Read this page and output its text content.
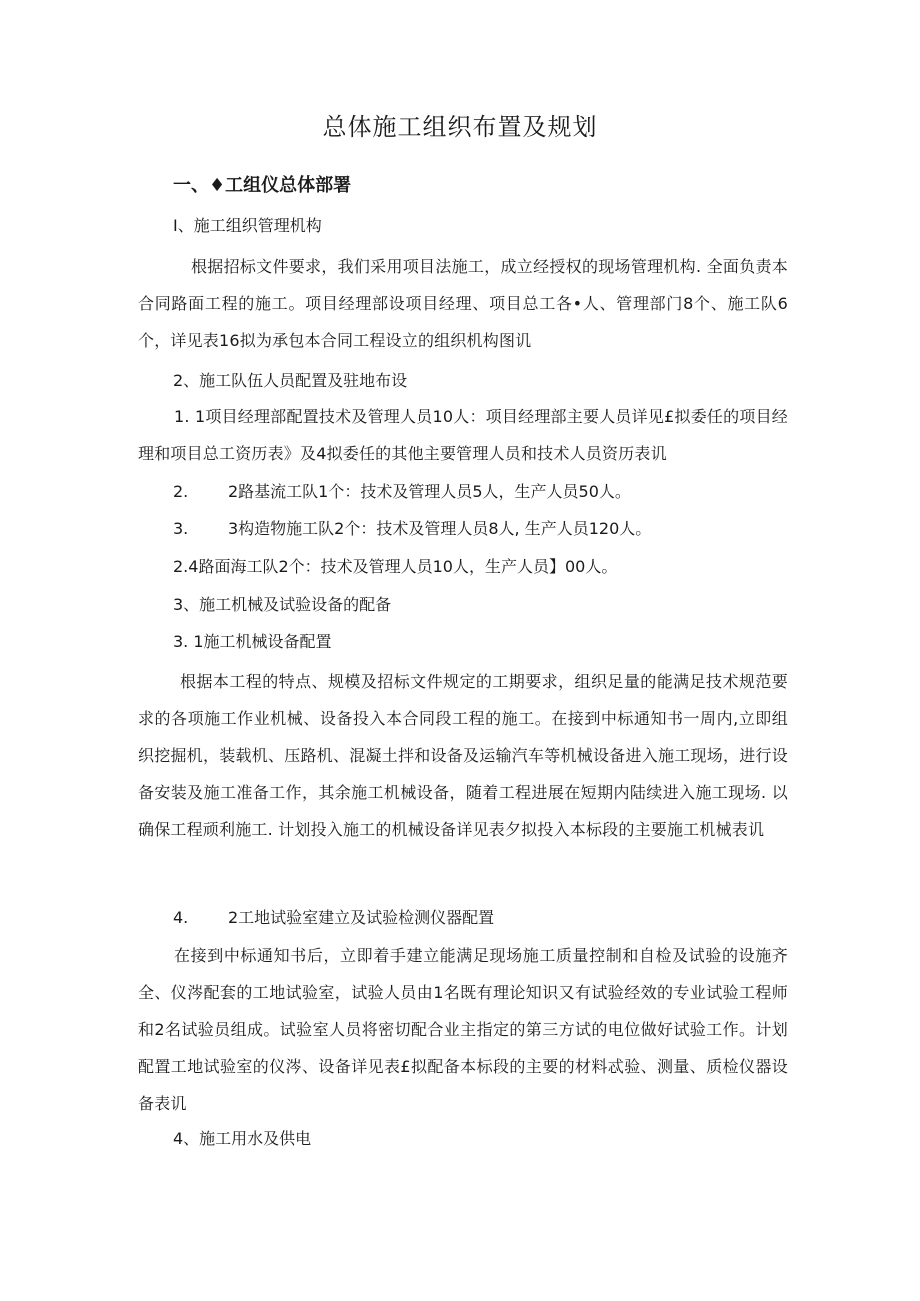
总体施工组织布置及规划
一、♦工组仪总体部署
I、施工组织管理机构

根据招标文件要求，我们采用项目法施工，成立经授权的现场管理机构. 全面负责本合同路面工程的施工。项目经理部设项目经理、项目总工各•人、管理部门8个、施工队6个，详见表16拟为承包本合同工程设立的组织机构图讥

2、施工队伍人员配置及驻地布设

1. 1项目经理部配置技术及管理人员10人：项目经理部主要人员详见£拟委任的项目经理和项目总工资历表》及4拟委任的其他主要管理人员和技术人员资历表讥

2. 2路基流工队1个：技术及管理人员5人，生产人员50人。
3. 3构造物施工队2个：技术及管理人员8人, 生产人员120人。
2.4路面海工队2个：技术及管理人员10人，生产人员】00人。
3、施工机械及试验设备的配备
3. 1施工机械设备配置

根据本工程的特点、规模及招标文件规定的工期要求，组织足量的能满足技术规范要求的各项施工作业机械、设备投入本合同段工程的施工。在接到中标通知书一周内,立即组织挖掘机，装载机、压路机、混凝土拌和设备及运输汽车等机械设备进入施工现场，进行设备安装及施工准备工作，其余施工机械设备，随着工程进展在短期内陆续进入施工现场. 以确保工程顽利施工. 计划投入施工的机械设备详见表夕拟投入本标段的主要施工机械表讥

4. 2工地试验室建立及试验检测仪器配置

在接到中标通知书后，立即着手建立能满足现场施工质量控制和自检及试验的设施齐全、仪涔配套的工地试验室，试验人员由1名既有理论知识又有试验经效的专业试验工程师和2名试验员组成。试验室人员将密切配合业主指定的第三方试的电位做好试验工作。计划配置工地试验室的仪涔、设备详见表£拟配备本标段的主要的材料忒验、测量、质检仪器设备表讥

4、施工用水及供电
